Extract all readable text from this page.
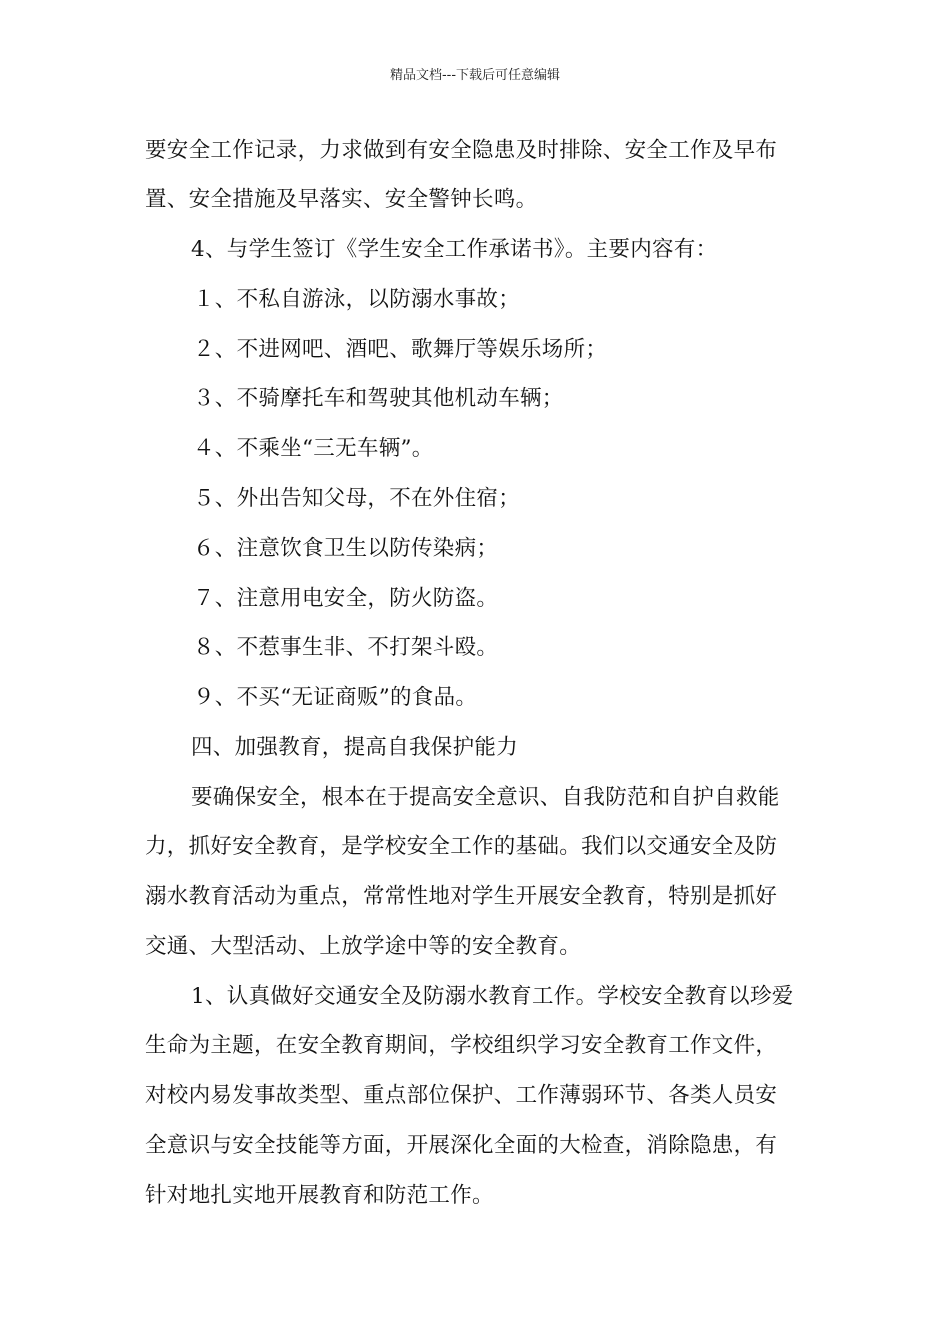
精品文档---下载后可任意编辑
要安全工作记录，力求做到有安全隐患及时排除、安全工作及早布
置、安全措施及早落实、安全警钟长鸣。
4、与学生签订《学生安全工作承诺书》。主要内容有：
１、不私自游泳，以防溺水事故；
２、不进网吧、酒吧、歌舞厅等娱乐场所；
３、不骑摩托车和驾驶其他机动车辆；
４、不乘坐“三无车辆”。
５、外出告知父母，不在外住宿；
６、注意饮食卫生以防传染病；
７、注意用电安全，防火防盗。
８、不惹事生非、不打架斗殴。
９、不买“无证商贩”的食品。
四、加强教育，提高自我保护能力
要确保安全，根本在于提高安全意识、自我防范和自护自救能
力，抓好安全教育，是学校安全工作的基础。我们以交通安全及防
溺水教育活动为重点，常常性地对学生开展安全教育，特别是抓好
交通、大型活动、上放学途中等的安全教育。
1、认真做好交通安全及防溺水教育工作。学校安全教育以珍爱
生命为主题，在安全教育期间，学校组织学习安全教育工作文件，
对校内易发事故类型、重点部位保护、工作薄弱环节、各类人员安
全意识与安全技能等方面，开展深化全面的大检查，消除隐患，有
针对地扎实地开展教育和防范工作。
